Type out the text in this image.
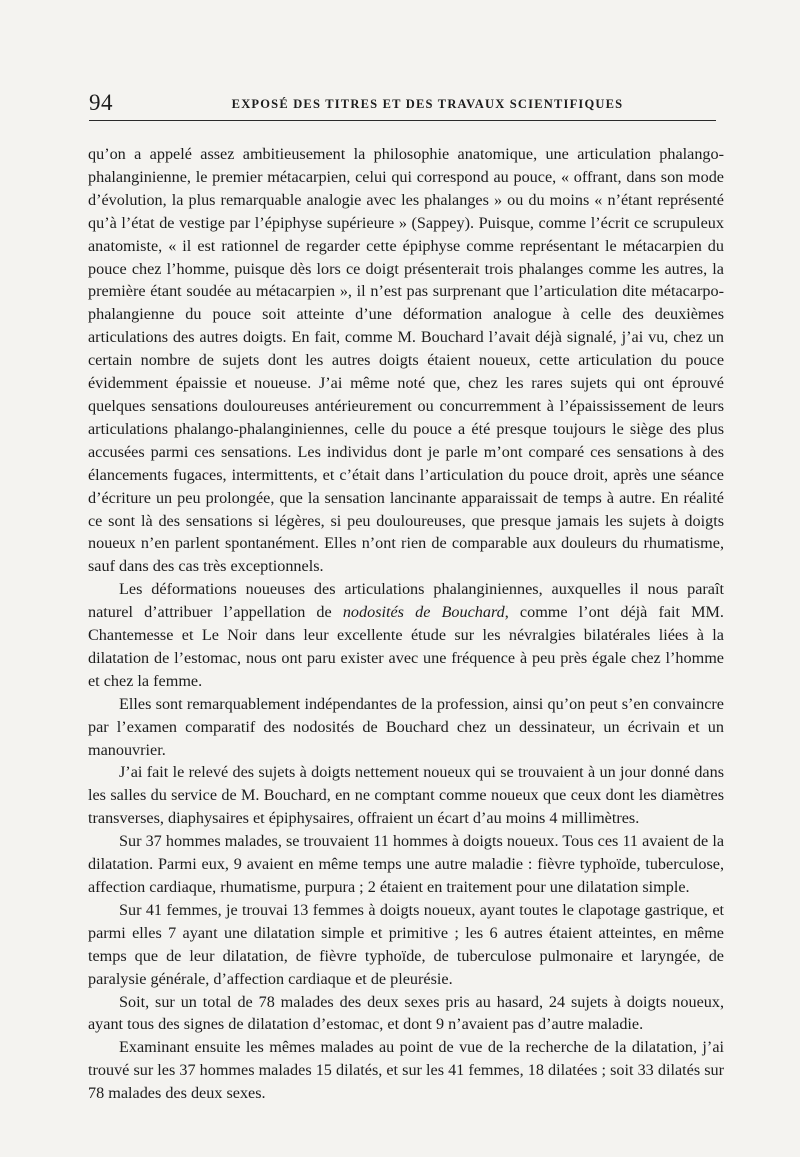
94	EXPOSÉ DES TITRES ET DES TRAVAUX SCIENTIFIQUES

qu’on a appelé assez ambitieusement la philosophie anatomique, une articulation phalango-phalanginienne, le premier métacarpien, celui qui correspond au pouce, « offrant, dans son mode d’évolution, la plus remarquable analogie avec les phalanges » ou du moins « n’étant représenté qu’à l’état de vestige par l’épiphyse supérieure » (Sappey). Puisque, comme l’écrit ce scrupuleux anatomiste, « il est rationnel de regarder cette épiphyse comme représentant le métacarpien du pouce chez l’homme, puisque dès lors ce doigt présenterait trois phalanges comme les autres, la première étant soudée au métacarpien », il n’est pas surprenant que l’articulation dite métacarpo-phalangienne du pouce soit atteinte d’une déformation analogue à celle des deuxièmes articulations des autres doigts. En fait, comme M. Bouchard l’avait déjà signalé, j’ai vu, chez un certain nombre de sujets dont les autres doigts étaient noueux, cette articulation du pouce évidemment épaissie et noueuse. J’ai même noté que, chez les rares sujets qui ont éprouvé quelques sensations douloureuses antérieurement ou concurremment à l’épaississement de leurs articulations phalango-phalanginiennes, celle du pouce a été presque toujours le siège des plus accusées parmi ces sensations. Les individus dont je parle m’ont comparé ces sensations à des élancements fugaces, intermittents, et c’était dans l’articulation du pouce droit, après une séance d’écriture un peu prolongée, que la sensation lancinante apparaissait de temps à autre. En réalité ce sont là des sensations si légères, si peu douloureuses, que presque jamais les sujets à doigts noueux n’en parlent spontanément. Elles n’ont rien de comparable aux douleurs du rhumatisme, sauf dans des cas très exceptionnels.

Les déformations noueuses des articulations phalanginiennes, auxquelles il nous paraît naturel d’attribuer l’appellation de nodosités de Bouchard, comme l’ont déjà fait MM. Chantemesse et Le Noir dans leur excellente étude sur les névralgies bilatérales liées à la dilatation de l’estomac, nous ont paru exister avec une fréquence à peu près égale chez l’homme et chez la femme.

Elles sont remarquablement indépendantes de la profession, ainsi qu’on peut s’en convaincre par l’examen comparatif des nodosités de Bouchard chez un dessinateur, un écrivain et un manouvrier.

J’ai fait le relevé des sujets à doigts nettement noueux qui se trouvaient à un jour donné dans les salles du service de M. Bouchard, en ne comptant comme noueux que ceux dont les diamètres transverses, diaphysaires et épiphysaires, offraient un écart d’au moins 4 millimètres.

Sur 37 hommes malades, se trouvaient 11 hommes à doigts noueux. Tous ces 11 avaient de la dilatation. Parmi eux, 9 avaient en même temps une autre maladie : fièvre typhoïde, tuberculose, affection cardiaque, rhumatisme, purpura ; 2 étaient en traitement pour une dilatation simple.

Sur 41 femmes, je trouvai 13 femmes à doigts noueux, ayant toutes le clapotage gastrique, et parmi elles 7 ayant une dilatation simple et primitive ; les 6 autres étaient atteintes, en même temps que de leur dilatation, de fièvre typhoïde, de tuberculose pulmonaire et laryngée, de paralysie générale, d’affection cardiaque et de pleurésie.

Soit, sur un total de 78 malades des deux sexes pris au hasard, 24 sujets à doigts noueux, ayant tous des signes de dilatation d’estomac, et dont 9 n’avaient pas d’autre maladie.

Examinant ensuite les mêmes malades au point de vue de la recherche de la dilatation, j’ai trouvé sur les 37 hommes malades 15 dilatés, et sur les 41 femmes, 18 dilatées ; soit 33 dilatés sur 78 malades des deux sexes.
